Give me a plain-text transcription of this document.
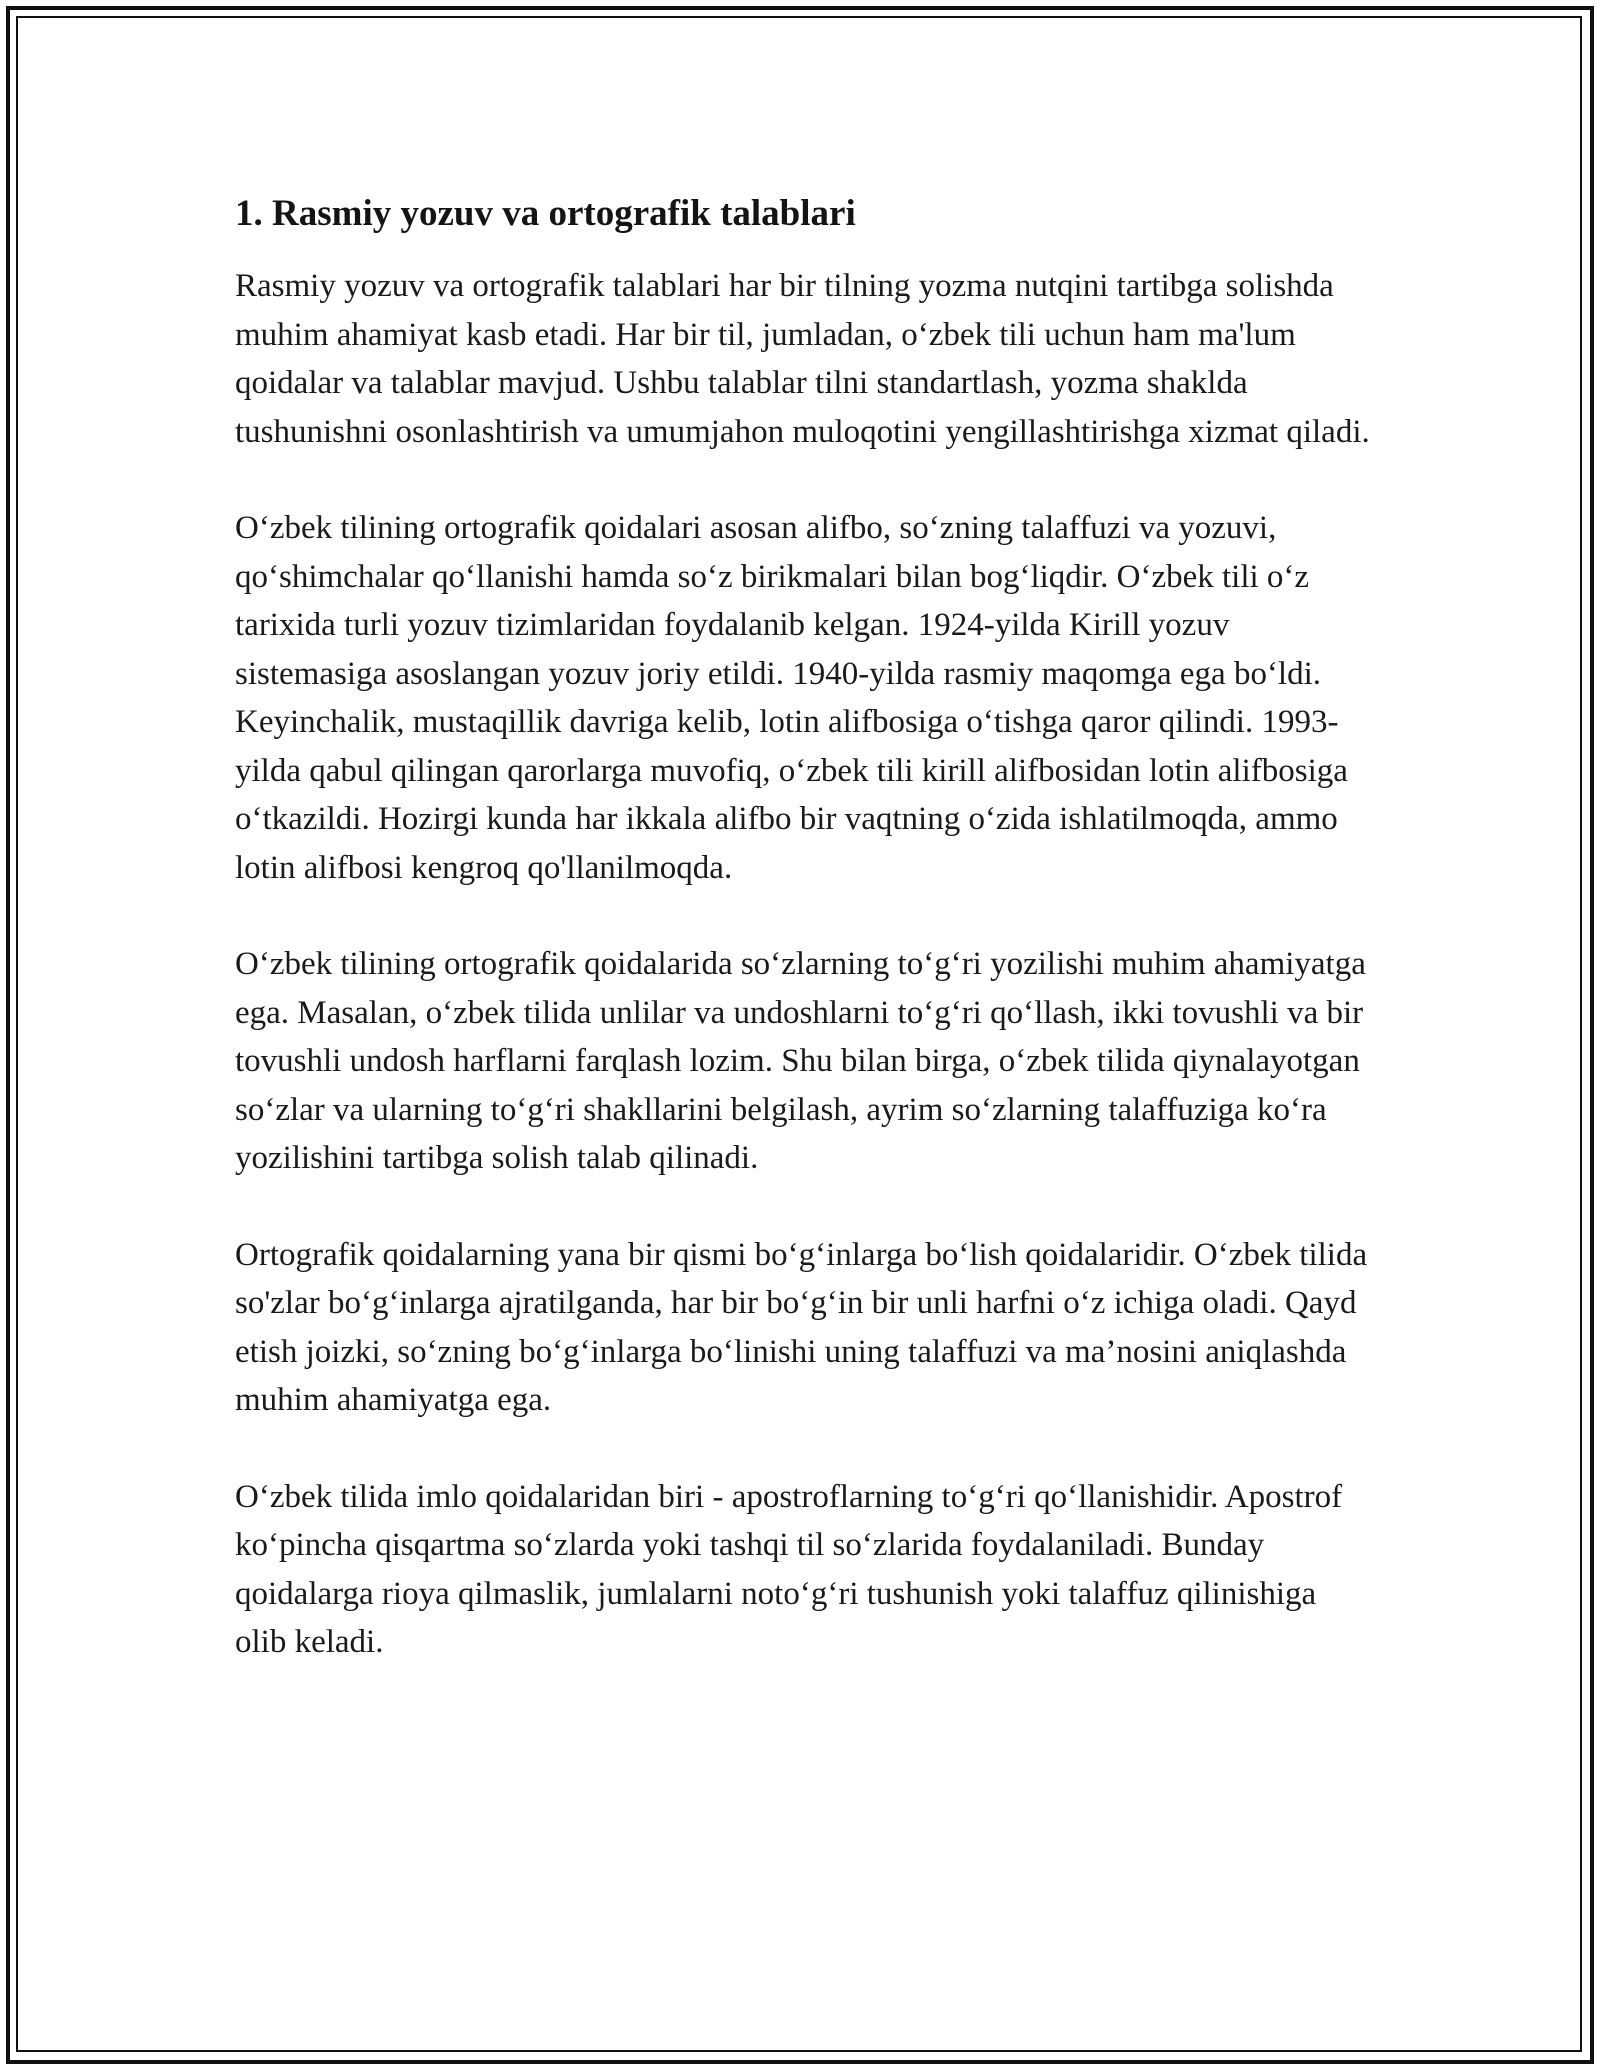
1. Rasmiy yozuv va ortografik talablari

Rasmiy yozuv va ortografik talablari har bir tilning yozma nutqini tartibga solishda muhim ahamiyat kasb etadi. Har bir til, jumladan, o‘zbek tili uchun ham ma'lum qoidalar va talablar mavjud. Ushbu talablar tilni standartlash, yozma shaklda tushunishni osonlashtirish va umumjahon muloqotini yengillashtirishga xizmat qiladi.

O‘zbek tilining ortografik qoidalari asosan alifbo, so‘zning talaffuzi va yozuvi, qo‘shimchalar qo‘llanishi hamda so‘z birikmalari bilan bog‘liqdir. O‘zbek tili o‘z tarixida turli yozuv tizimlaridan foydalanib kelgan. 1924-yilda Kirill yozuv sistemasiga asoslangan yozuv joriy etildi. 1940-yilda rasmiy maqomga ega bo‘ldi. Keyinchalik, mustaqillik davriga kelib, lotin alifbosiga o‘tishga qaror qilindi. 1993-yilda qabul qilingan qarorlarga muvofiq, o‘zbek tili kirill alifbosidan lotin alifbosiga o‘tkazildi. Hozirgi kunda har ikkala alifbo bir vaqtning o‘zida ishlatilmoqda, ammo lotin alifbosi kengroq qo'llanilmoqda.

O‘zbek tilining ortografik qoidalarida so‘zlarning to‘g‘ri yozilishi muhim ahamiyatga ega. Masalan, o‘zbek tilida unlilar va undoshlarni to‘g‘ri qo‘llash, ikki tovushli va bir tovushli undosh harflarni farqlash lozim. Shu bilan birga, o‘zbek tilida qiynalayotgan so‘zlar va ularning to‘g‘ri shakllarini belgilash, ayrim so‘zlarning talaffuziga ko‘ra yozilishini tartibga solish talab qilinadi.

Ortografik qoidalarning yana bir qismi bo‘g‘inlarga bo‘lish qoidalaridir. O‘zbek tilida so'zlar bo‘g‘inlarga ajratilganda, har bir bo‘g‘in bir unli harfni o‘z ichiga oladi. Qayd etish joizki, so‘zning bo‘g‘inlarga bo‘linishi uning talaffuzi va ma’nosini aniqlashda muhim ahamiyatga ega.

O‘zbek tilida imlo qoidalaridan biri - apostroflarning to‘g‘ri qo‘llanishidir. Apostrof ko‘pincha qisqartma so‘zlarda yoki tashqi til so‘zlarida foydalaniladi. Bunday qoidalarga rioya qilmaslik, jumlalarni noto‘g‘ri tushunish yoki talaffuz qilinishiga olib keladi.
